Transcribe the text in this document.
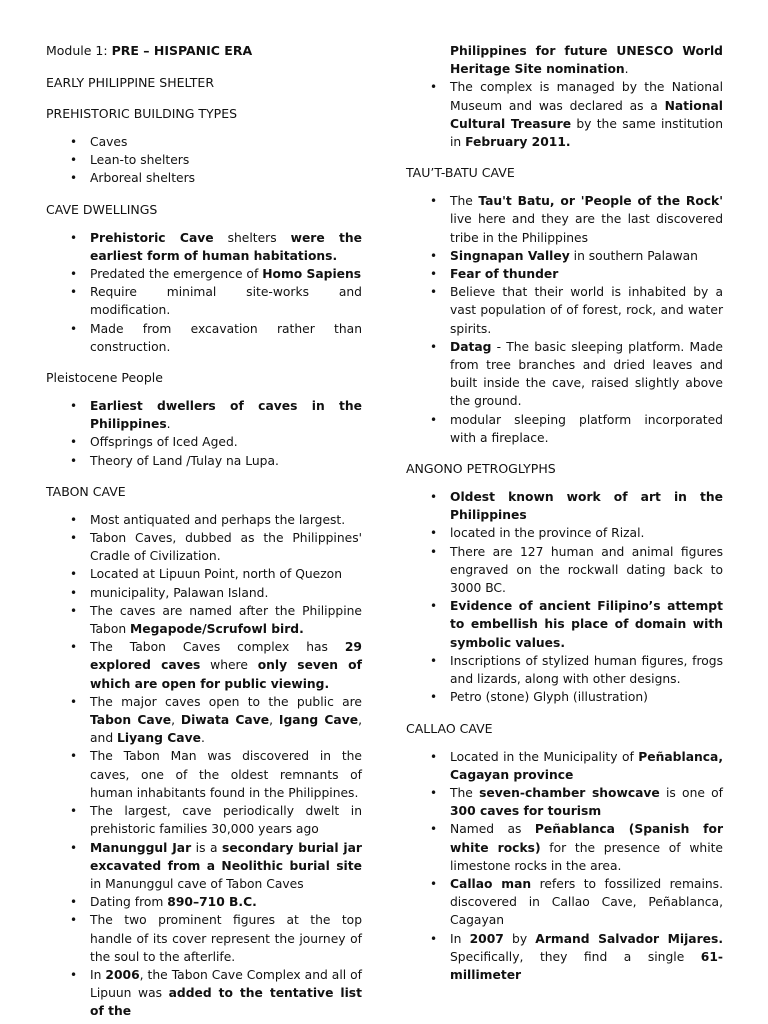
Module 1: PRE – HISPANIC ERA

EARLY PHILIPPINE SHELTER

PREHISTORIC BUILDING TYPES

• Caves
• Lean-to shelters
• Arboreal shelters

CAVE DWELLINGS

• Prehistoric Cave shelters were the earliest form of human habitations.
• Predated the emergence of Homo Sapiens
• Require minimal site-works and modification.
• Made from excavation rather than construction.

Pleistocene People

• Earliest dwellers of caves in the Philippines.
• Offsprings of Iced Aged.
• Theory of Land /Tulay na Lupa.

TABON CAVE

• Most antiquated and perhaps the largest.
• Tabon Caves, dubbed as the Philippines' Cradle of Civilization.
• Located at Lipuun Point, north of Quezon
• municipality, Palawan Island.
• The caves are named after the Philippine Tabon Megapode/Scrufowl bird.
• The Tabon Caves complex has 29 explored caves where only seven of which are open for public viewing.
• The major caves open to the public are Tabon Cave, Diwata Cave, Igang Cave, and Liyang Cave.
• The Tabon Man was discovered in the caves, one of the oldest remnants of human inhabitants found in the Philippines.
• The largest, cave periodically dwelt in prehistoric families 30,000 years ago
• Manunggul Jar is a secondary burial jar excavated from a Neolithic burial site in Manunggul cave of Tabon Caves
• Dating from 890–710 B.C.
• The two prominent figures at the top handle of its cover represent the journey of the soul to the afterlife.
• In 2006, the Tabon Cave Complex and all of Lipuun was added to the tentative list of the

Philippines for future UNESCO World Heritage Site nomination.

• The complex is managed by the National Museum and was declared as a National Cultural Treasure by the same institution in February 2011.

TAU’T-BATU CAVE

• The Tau't Batu, or 'People of the Rock' live here and they are the last discovered tribe in the Philippines
• Singnapan Valley in southern Palawan
• Fear of thunder
• Believe that their world is inhabited by a vast population of of forest, rock, and water spirits.
• Datag - The basic sleeping platform. Made from tree branches and dried leaves and built inside the cave, raised slightly above the ground.
• modular sleeping platform incorporated with a fireplace.

ANGONO PETROGLYPHS

• Oldest known work of art in the Philippines
• located in the province of Rizal.
• There are 127 human and animal figures engraved on the rockwall dating back to 3000 BC.
• Evidence of ancient Filipino’s attempt to embellish his place of domain with symbolic values.
• Inscriptions of stylized human figures, frogs and lizards, along with other designs.
• Petro (stone) Glyph (illustration)

CALLAO CAVE

• Located in the Municipality of Peñablanca, Cagayan province
• The seven-chamber showcave is one of 300 caves for tourism
• Named as Peñablanca (Spanish for white rocks) for the presence of white limestone rocks in the area.
• Callao man refers to fossilized remains. discovered in Callao Cave, Peñablanca, Cagayan
• In 2007 by Armand Salvador Mijares. Specifically, they find a single 61-millimeter
